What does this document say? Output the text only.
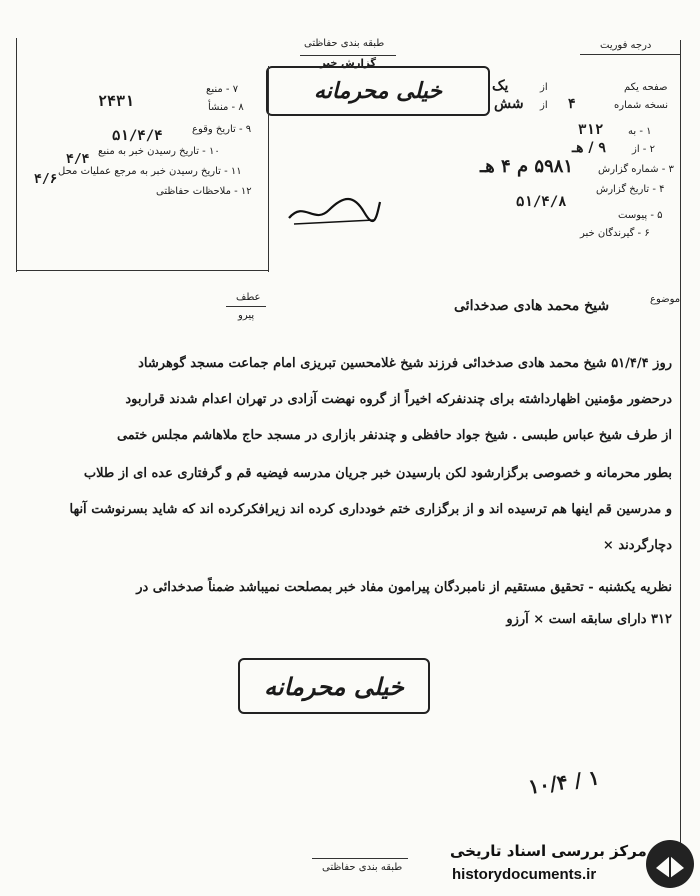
طبقه بندی حفاظتی	درجه فوریت
گزارش خبر
خیلی محرمانه	صفحه یکم
از
یک
نسخه شماره
۴
از
شش
۱ - به
۳۱۲
۲ - از
۹ / هـ
۳ - شماره گزارش
۵۹۸۱ م ۴ هـ
۴ - تاریخ گزارش
۵۱/۴/۸
۵ - پیوست
۶ - گیرندگان خبر
۷ - منبع
۸ - منشأ
۲۴۳۱
۹ - تاریخ وقوع
۵۱/۴/۴
۱۰ - تاریخ رسیدن خبر به منبع
۴/۴
۱۱ - تاریخ رسیدن خبر به مرجع عملیات محل
۴/۶
۱۲ - ملاحظات حفاظتی
عطف
پیرو
موضوع
شیخ محمد هادی صدخدائی
روز ۵۱/۴/۴ شیخ محمد هادی صدخدائی فرزند شیخ غلامحسین تبریزی امام جماعت مسجد گوهرشاد
درحضور مؤمنین اظهارداشته برای چندنفرکه اخیراً از گروه نهضت آزادی در تهران اعدام شدند قراربود
از طرف شیخ عباس طبسی . شیخ جواد حافظی و چندنفر بازاری در مسجد حاج ملاهاشم مجلس ختمی
بطور محرمانه و خصوصی برگزارشود لکن بارسیدن خبر جریان مدرسه فیضیه قم و گرفتاری عده ای از طلاب
و مدرسین قم اینها هم ترسیده اند و از برگزاری ختم خودداری کرده اند زیرافکرکرده اند که شاید بسرنوشت آنها
دچارگردند ×
نظریه یکشنبه - تحقیق مستقیم از نامبردگان پیرامون مفاد خبر بمصلحت نمیباشد ضمناً صدخدائی در
۳۱۲ دارای سابقه است × آرزو
خیلی محرمانه
۱۰/۴ / ۱
طبقه بندی حفاظتی
مرکز بررسی اسناد تاریخی
historydocuments.ir
